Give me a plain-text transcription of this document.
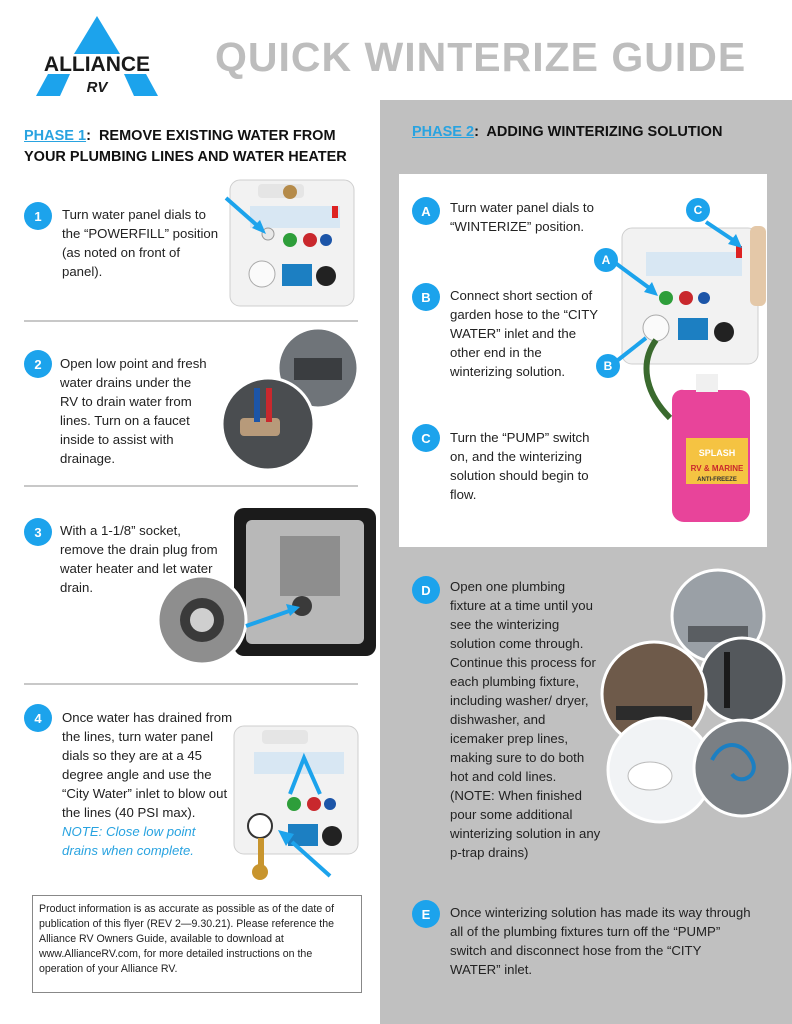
ALLIANCE
RV
QUICK WINTERIZE GUIDE
PHASE 1:  REMOVE EXISTING WATER FROM YOUR PLUMBING LINES AND WATER HEATER
1	Turn water panel dials to the “POWERFILL” position (as noted on front of panel).
2	Open low point and fresh water drains under the RV to drain water from lines. Turn on a faucet inside to assist with drainage.
3	With a 1-1/8” socket, remove the drain plug from water heater and let water drain.
4	Once water has drained from the lines, turn water panel dials so they are at a 45 degree angle and use the “City Water” inlet to blow out the lines (40 PSI max).
NOTE: Close low point drains when complete.
Product information is as accurate as possible as of the date of publication of this flyer (REV 2—9.30.21). Please reference the Alliance RV Owners Guide, available to download at www.AllianceRV.com, for more detailed instructions on the operation of your Alliance RV.
PHASE 2:  ADDING WINTERIZING SOLUTION
A	Turn water panel dials to “WINTERIZE” position.
B	Connect short section of garden hose to the “CITY WATER” inlet and the other end in the winterizing solution.
C	Turn the “PUMP” switch on, and the winterizing solution should begin to flow.
SPLASH
RV & MARINE
ANTI-FREEZE
C
A
B
D	Open one plumbing fixture at a time until you see the winterizing solution come through. Continue this process for each plumbing fixture, including washer/ dryer, dishwasher, and icemaker prep lines, making sure to do both hot and cold lines. (NOTE: When finished pour some additional winterizing solution in any p-trap drains)
E	Once winterizing solution has made its way through all of the plumbing fixtures turn off the “PUMP” switch and disconnect hose from the “CITY WATER” inlet.
